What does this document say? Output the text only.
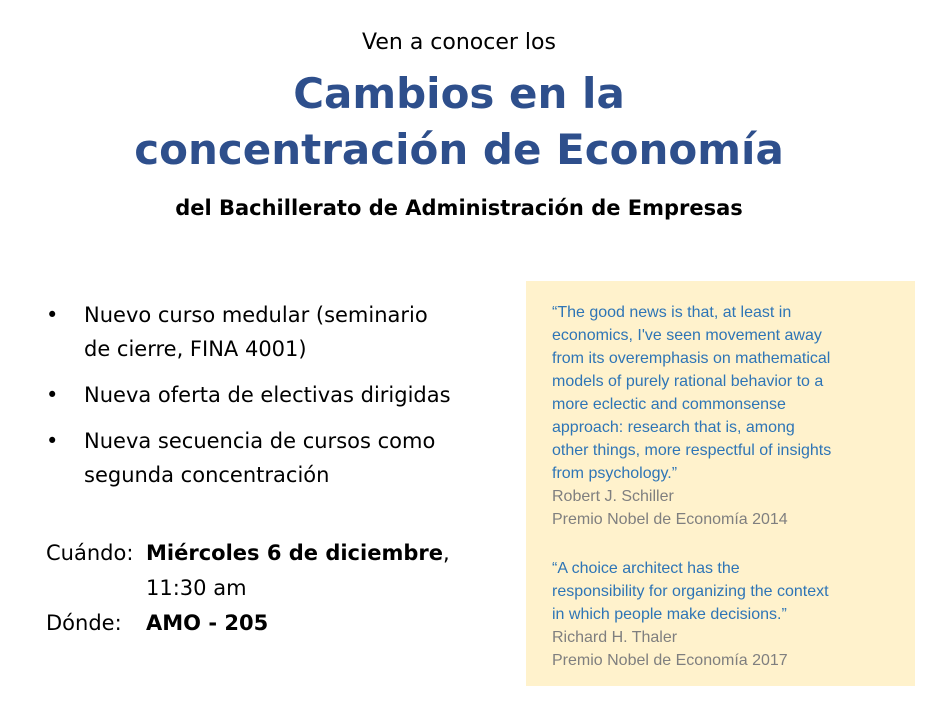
Ven a conocer los
Cambios en la
concentración de Economía
del Bachillerato de Administración de Empresas
• Nuevo curso medular (seminario
de cierre, FINA 4001)
• Nueva oferta de electivas dirigidas
• Nueva secuencia de cursos como
segunda concentración
Cuándo: Miércoles 6 de diciembre,
11:30 am
Dónde:	AMO - 205
“The good news is that, at least in
economics, I've seen movement away
from its overemphasis on mathematical
models of purely rational behavior to a
more eclectic and commonsense
approach: research that is, among
other things, more respectful of insights
from psychology.”
Robert J. Schiller
Premio Nobel de Economía 2014
“A choice architect has the
responsibility for organizing the context
in which people make decisions.”
Richard H. Thaler
Premio Nobel de Economía 2017
